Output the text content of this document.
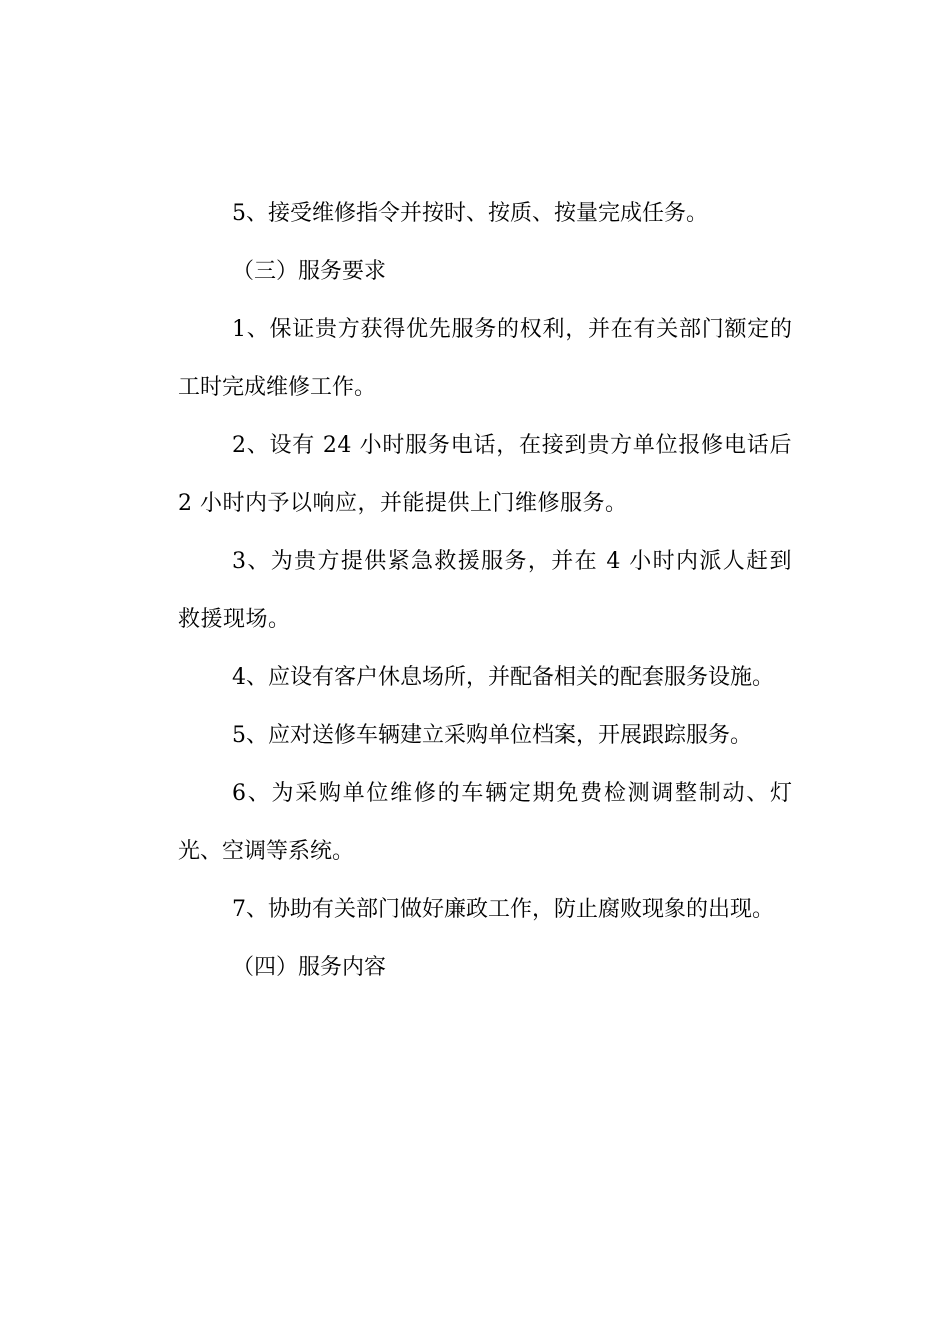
5、接受维修指令并按时、按质、按量完成任务。

（三）服务要求

1、保证贵方获得优先服务的权利，并在有关部门额定的工时完成维修工作。

2、设有 24 小时服务电话，在接到贵方单位报修电话后 2 小时内予以响应，并能提供上门维修服务。

3、为贵方提供紧急救援服务，并在 4 小时内派人赶到救援现场。

4、应设有客户休息场所，并配备相关的配套服务设施。

5、应对送修车辆建立采购单位档案，开展跟踪服务。

6、为采购单位维修的车辆定期免费检测调整制动、灯光、空调等系统。

7、协助有关部门做好廉政工作，防止腐败现象的出现。

（四）服务内容
